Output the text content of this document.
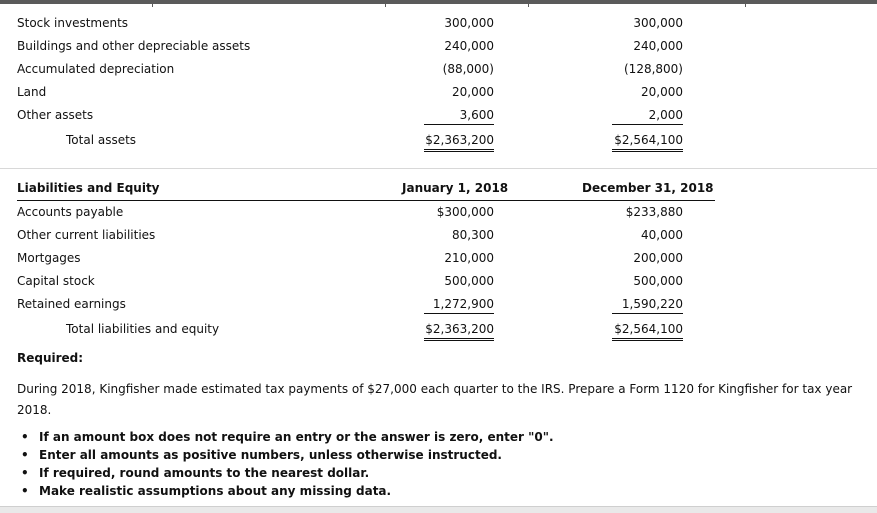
Stock investments	300,000	300,000
Buildings and other depreciable assets	240,000	240,000
Accumulated depreciation	(88,000)	(128,800)
Land	20,000	20,000
Other assets	3,600	2,000
Total assets	$2,363,200	$2,564,100
Liabilities and Equity	January 1, 2018	December 31, 2018
Accounts payable	$300,000	$233,880
Other current liabilities	80,300	40,000
Mortgages	210,000	200,000
Capital stock	500,000	500,000
Retained earnings	1,272,900	1,590,220
Total liabilities and equity	$2,363,200	$2,564,100
Required:
During 2018, Kingfisher made estimated tax payments of $27,000 each quarter to the IRS. Prepare a Form 1120 for Kingfisher for tax year 2018.
• If an amount box does not require an entry or the answer is zero, enter "0".
• Enter all amounts as positive numbers, unless otherwise instructed.
• If required, round amounts to the nearest dollar.
• Make realistic assumptions about any missing data.
